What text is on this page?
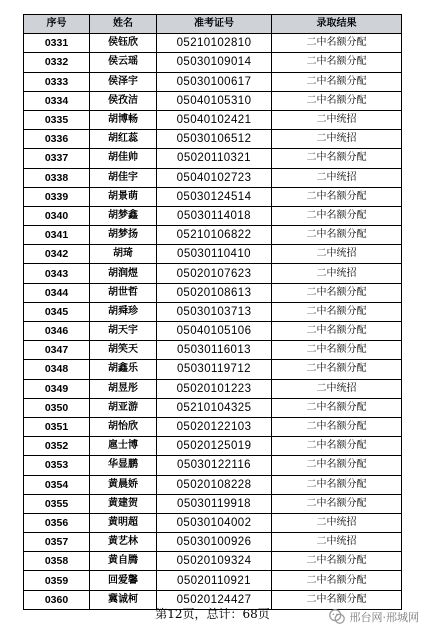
序号	姓名	准考证号	录取结果
0331	侯钰欣	05210102810	二中名额分配
0332	侯云瑶	05030109014	二中名额分配
0333	侯泽宇	05030100617	二中名额分配
0334	侯孜洁	05040105310	二中名额分配
0335	胡博畅	05040102421	二中统招
0336	胡红蕊	05030106512	二中统招
0337	胡佳帅	05020110321	二中名额分配
0338	胡佳宇	05040102723	二中统招
0339	胡景萌	05030124514	二中名额分配
0340	胡梦鑫	05030114018	二中名额分配
0341	胡梦扬	05210106822	二中名额分配
0342	胡琦	05030110410	二中统招
0343	胡润煜	05020107623	二中统招
0344	胡世哲	05020108613	二中名额分配
0345	胡舜珍	05030103713	二中名额分配
0346	胡天宇	05040105106	二中名额分配
0347	胡笑天	05030116013	二中名额分配
0348	胡鑫乐	05030119712	二中名额分配
0349	胡昱彤	05020101223	二中统招
0350	胡亚游	05210104325	二中名额分配
0351	胡怡欣	05020122103	二中名额分配
0352	扈士博	05020125019	二中名额分配
0353	华显鹏	05030122116	二中名额分配
0354	黄晨娇	05020108228	二中名额分配
0355	黄建贺	05030119918	二中名额分配
0356	黄明超	05030104002	二中统招
0357	黄艺林	05030100926	二中统招
0358	黄自腾	05020109324	二中名额分配
0359	回爱馨	05020110921	二中名额分配
0360	冀诚柯	05020124427	二中名额分配
第12页，总计：68页	邢台网·邢城网
